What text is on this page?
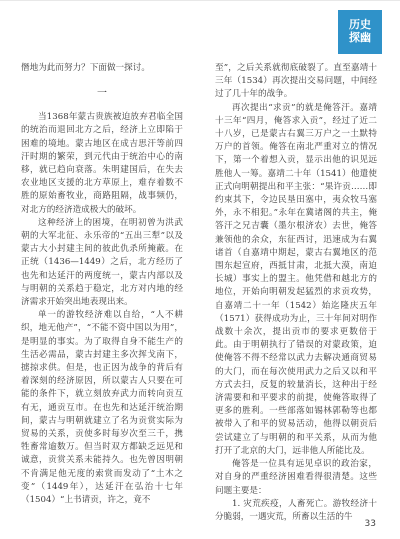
历史
探幽

僭地为此而努力？下面做一探讨。

一

当1368年蒙古贵族被迫放弃君临全国的统治而退回北方之后，经济上立即陷于困难的境地。蒙古地区在成吉思汗等前四汗时期的繁荣，到元代由于统治中心的南移，就已趋向衰落。朱明建国后，在失去农业地区支援的北方草原上，难存着数不胜的原始畜牧业，商路阻隔，战事频仍，对北方的经济造成极大的破坏。

这种经济上的困境，在明初曾为洪武朝的大军北征、永乐帝的“五出三犁”以及蒙古大小封建主间的彼此仇杀所掩蔽。在正统（1436—1449）之后，北方经历了也先和达延汗的两度统一，蒙古内部以及与明朝的关系趋于稳定，北方对内地的经济需求开始突出地表现出来。

单一的游牧经济难以自给，“人不耕织，地无他产”，“不能不资中国以为用”，是明显的事实。为了取得自身不能生产的生活必需品，蒙古封建主多次挥戈南下，掳掠求供。但是，也正因为战争的背后有着深刻的经济原因，所以蒙古人只要在可能的条件下，就立刻放弃武力而转向贡互有无，通贡互市。在也先和达延汗统治期间，蒙古与明朝就建立了名为贡赏实际为贸易的关系，贡使多时每岁次至三千，携牲畜常逾数万。但当时双方都缺乏远见和诚意，贡赏关系未能持久。也先曾因明朝不肯满足他无度的索赏而发动了“土木之变”（1449年），达延汗在弘治十七年（1504）“上书请贡，许之，竟不

至”，之后关系就彻底破裂了。直至嘉靖十三年（1534）再次提出交易问题，中间经过了几十年的战争。

再次提出“求贡”的就是俺答汗。嘉靖十三年“四月，俺答求入贡”，经过了近二十八岁，已是蒙古右翼三万户之一土默特万户的首领。俺答在南北严重对立的情况下，第一个着想入贡，显示出他的识见远胜他人一筹。嘉靖二十年（1541）他遣使正式向明朝提出和平主张：“果许贡……即约束其下，令边民垦田塞中，夷众牧马塞外，永不相犯。”永年在冀诸阁的共主，俺答汗之兄吉囊（墨尔根济农）去世，俺答兼领他的余众，东征西讨，迅速成为右翼诸首（自嘉靖中期起，蒙古右翼地区的范围东起宣府，西抵甘肃，北抵大漠，南迫长城）事实上的盟主。他凭借和越北方的地位，开始向明朝发起猛烈的求贡攻势，自嘉靖二十一年（1542）始迄隆庆五年（1571）获得成功为止，三十年间对明作战数十余次，提出贡市的要求更数倍于此。由于明朝执行了错误的对蒙政策，迫使俺答不得不经常以武力去解决通商贸易的大门，而在每次使用武力之后又以和平方式去扫，反复的较量消长，这种出于经济需要和和平要求的前提，使俺答取得了更多的胜利。一些部落如锡林郭勒等也都被带入了和平的贸易活动，他得以朝贡后尝试建立了与明朝的和平关系，从而为他打开了北京的大门，远非他人所能比及。

俺答是一位具有远见卓识的政治家，对自身的严重经济困难看得很清楚。这些问题主要是：

1. 灾荒疾疫，人畜死亡。游牧经济十分脆弱，一遇灾荒，所畜以生活的牛

33
